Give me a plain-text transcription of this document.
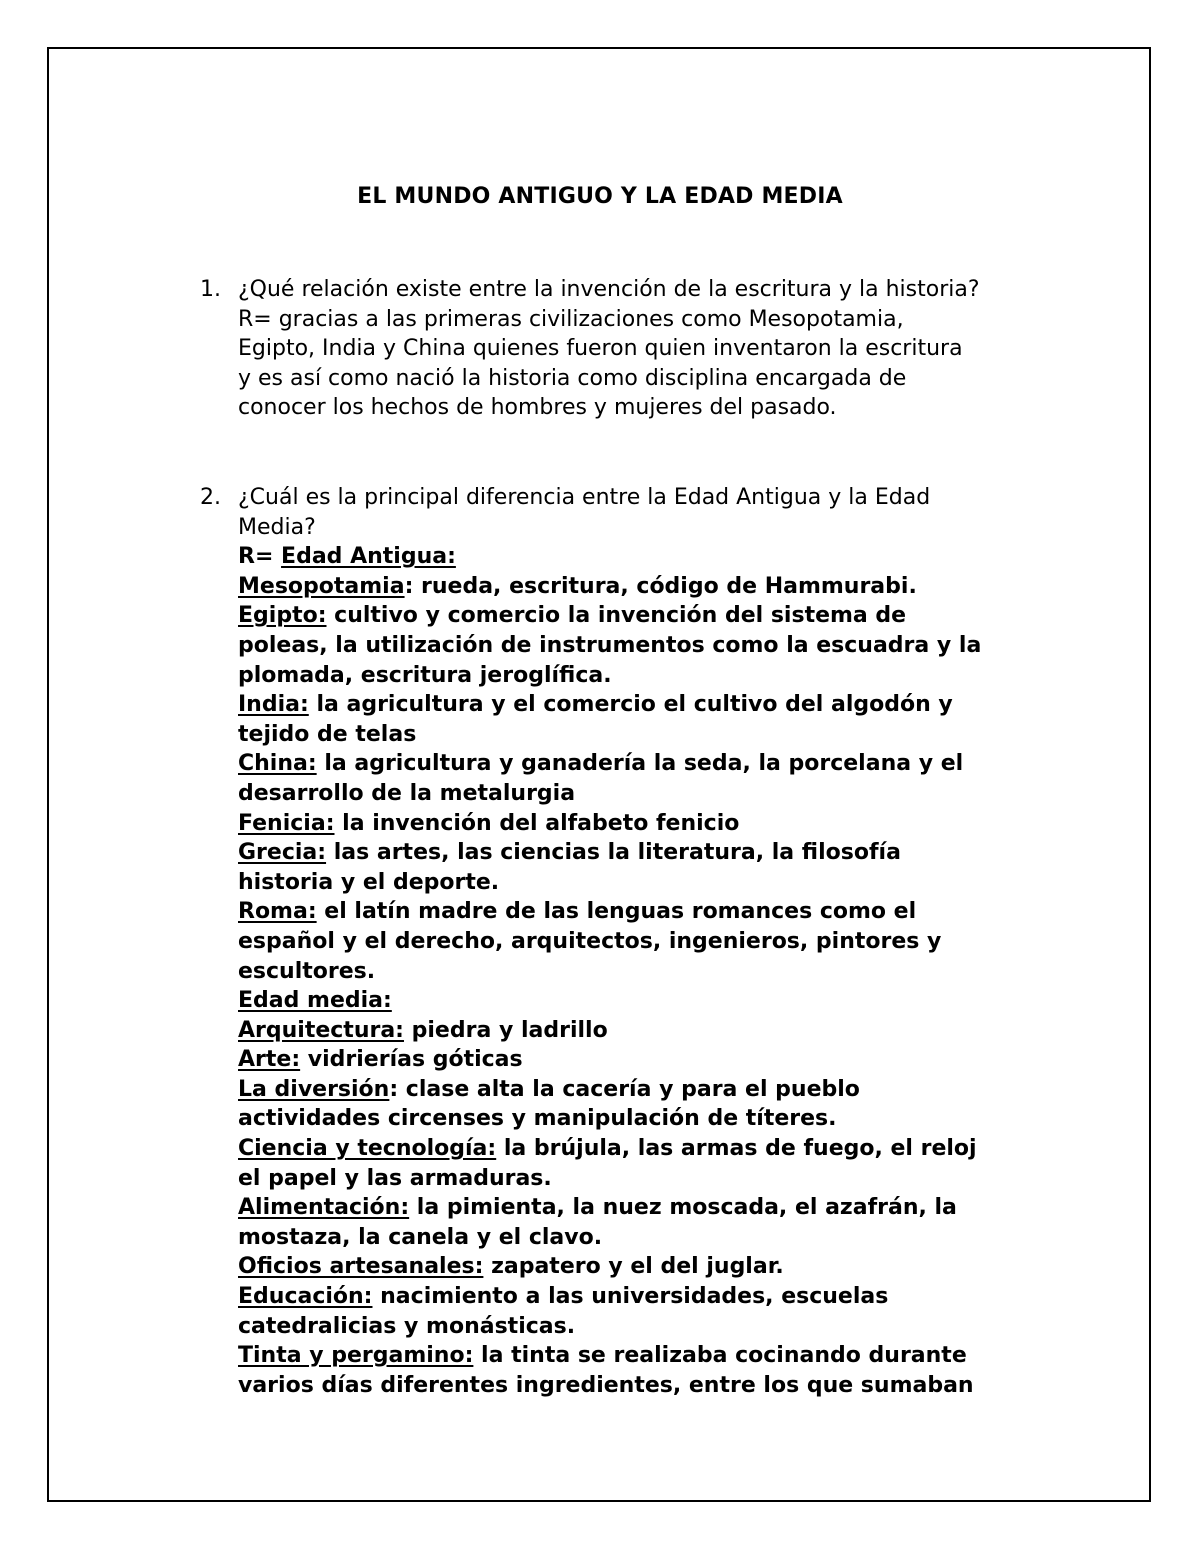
EL MUNDO ANTIGUO Y LA EDAD MEDIA
1. ¿Qué relación existe entre la invención de la escritura y la historia?

R= gracias a las primeras civilizaciones como Mesopotamia,

Egipto, India y China quienes fueron quien inventaron la escritura

y es así como nació la historia como disciplina encargada de

conocer los hechos de hombres y mujeres del pasado.

2. ¿Cuál es la principal diferencia entre la Edad Antigua y la Edad

Media?

R= Edad Antigua:

Mesopotamia: rueda, escritura, código de Hammurabi.

Egipto: cultivo y comercio la invención del sistema de

poleas, la utilización de instrumentos como la escuadra y la

plomada, escritura jeroglífica.

India: la agricultura y el comercio el cultivo del algodón y

tejido de telas

China: la agricultura y ganadería la seda, la porcelana y el

desarrollo de la metalurgia

Fenicia: la invención del alfabeto fenicio

Grecia: las artes, las ciencias la literatura, la filosofía

historia y el deporte.

Roma: el latín madre de las lenguas romances como el

español y el derecho, arquitectos, ingenieros, pintores y

escultores.

Edad media:

Arquitectura: piedra y ladrillo

Arte: vidrierías góticas

La diversión: clase alta la cacería y para el pueblo

actividades circenses y manipulación de títeres.

Ciencia y tecnología: la brújula, las armas de fuego, el reloj

el papel y las armaduras.

Alimentación: la pimienta, la nuez moscada, el azafrán, la

mostaza, la canela y el clavo.

Oficios artesanales: zapatero y el del juglar.

Educación: nacimiento a las universidades, escuelas

catedralicias y monásticas.

Tinta y pergamino: la tinta se realizaba cocinando durante

varios días diferentes ingredientes, entre los que sumaban
